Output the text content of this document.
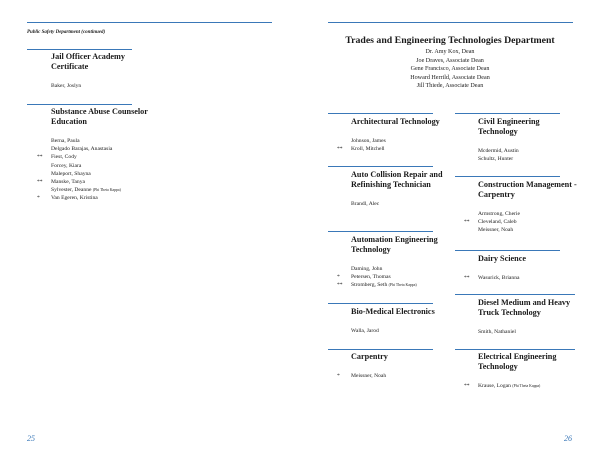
Public Safety Department (continued)
Jail Officer Academy Certificate
Baker, Joslyn
Substance Abuse Counselor Education
Berna, Paula
Delgado Barajas, Anastasia
**	Fiest, Cody
Forcey, Kiara
Maleport, Shayna
**	Manske, Tanya
Sylvester, Deanne (Phi Theta Kappa)
*	Van Egeren, Kristina
25
Trades and Engineering Technologies Department
Dr. Amy Kox, Dean
Joe Draves, Associate Dean
Gene Francisco, Associate Dean
Howard Herrild, Associate Dean
Jill Thiede, Associate Dean
Architectural Technology
Johnson, James
**	Kroll, Mitchell
Auto Collision Repair and Refinishing Technician
Brandl, Alec
Automation Engineering Technology
Daming, John
*	Petersen, Thomas
**	Stromberg, Seth (Phi Theta Kappa)
Bio-Medical Electronics
Walla, Jarod
Carpentry
*	Meissner, Noah
Civil Engineering Technology
Mcdermid, Austin
Schultz, Hunter
Construction Management - Carpentry
Armstrong, Cherie
**	Cleveland, Caleb
Meissner, Noah
Dairy Science
**	Wasurick, Brianna
Diesel Medium and Heavy Truck Technology
Smith, Nathaniel
Electrical Engineering Technology
**	Krause, Logan (Phi Theta Kappa)
26
